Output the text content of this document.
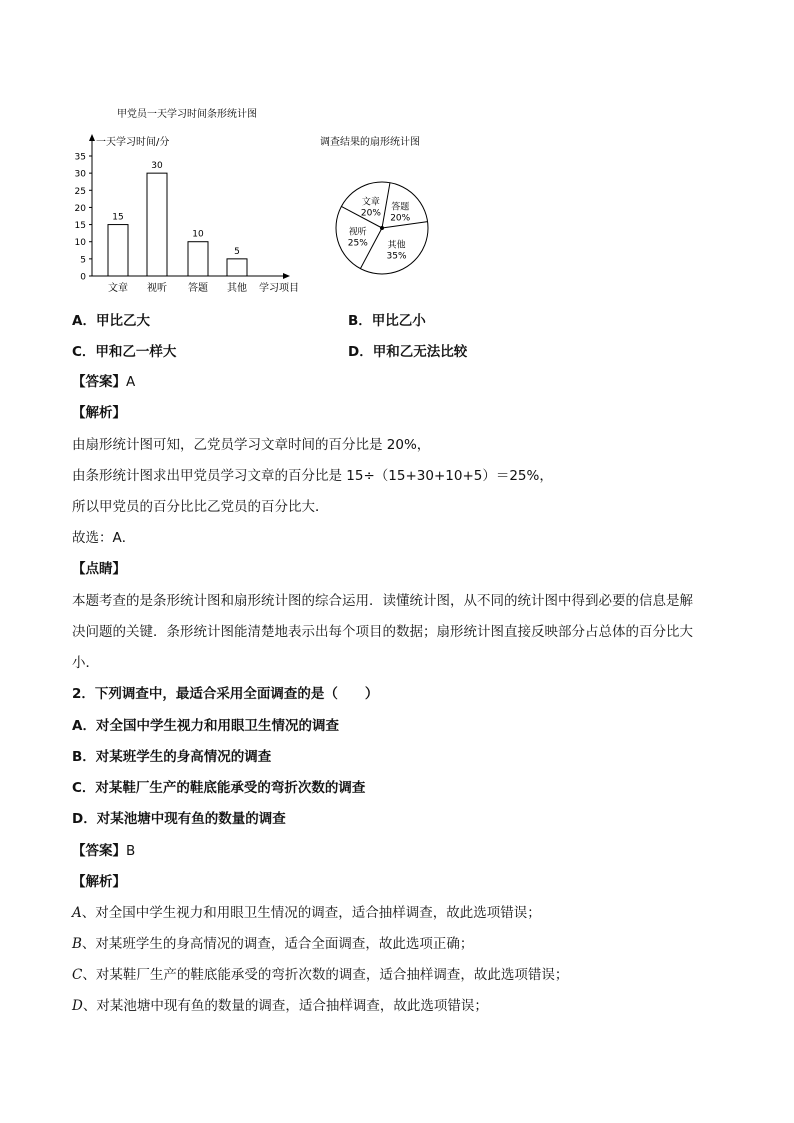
甲党员一天学习时间条形统计图
一天学习时间/分
0
5
10
15
20
25
30
35
15
文章
30
视听
10
答题
5
其他 学习项目
调查结果的扇形统计图
答题
20%
其他
35%
视听
25%
文章
20%
A．甲比乙大	B．甲比乙小
C．甲和乙一样大	D．甲和乙无法比较
【答案】A
【解析】
由扇形统计图可知，乙党员学习文章时间的百分比是 20%，
由条形统计图求出甲党员学习文章的百分比是 15÷（15+30+10+5）＝25%，
所以甲党员的百分比比乙党员的百分比大．
故选：A．
【点睛】
本题考查的是条形统计图和扇形统计图的综合运用．读懂统计图，从不同的统计图中得到必要的信息是解
决问题的关键．条形统计图能清楚地表示出每个项目的数据；扇形统计图直接反映部分占总体的百分比大
小．
2．下列调查中，最适合采用全面调查的是（　　）
A．对全国中学生视力和用眼卫生情况的调查
B．对某班学生的身高情况的调查
C．对某鞋厂生产的鞋底能承受的弯折次数的调查
D．对某池塘中现有鱼的数量的调查
【答案】B
【解析】
A、对全国中学生视力和用眼卫生情况的调查，适合抽样调查，故此选项错误；
B、对某班学生的身高情况的调查，适合全面调查，故此选项正确；
C、对某鞋厂生产的鞋底能承受的弯折次数的调查，适合抽样调查，故此选项错误；
D、对某池塘中现有鱼的数量的调查，适合抽样调查，故此选项错误；
